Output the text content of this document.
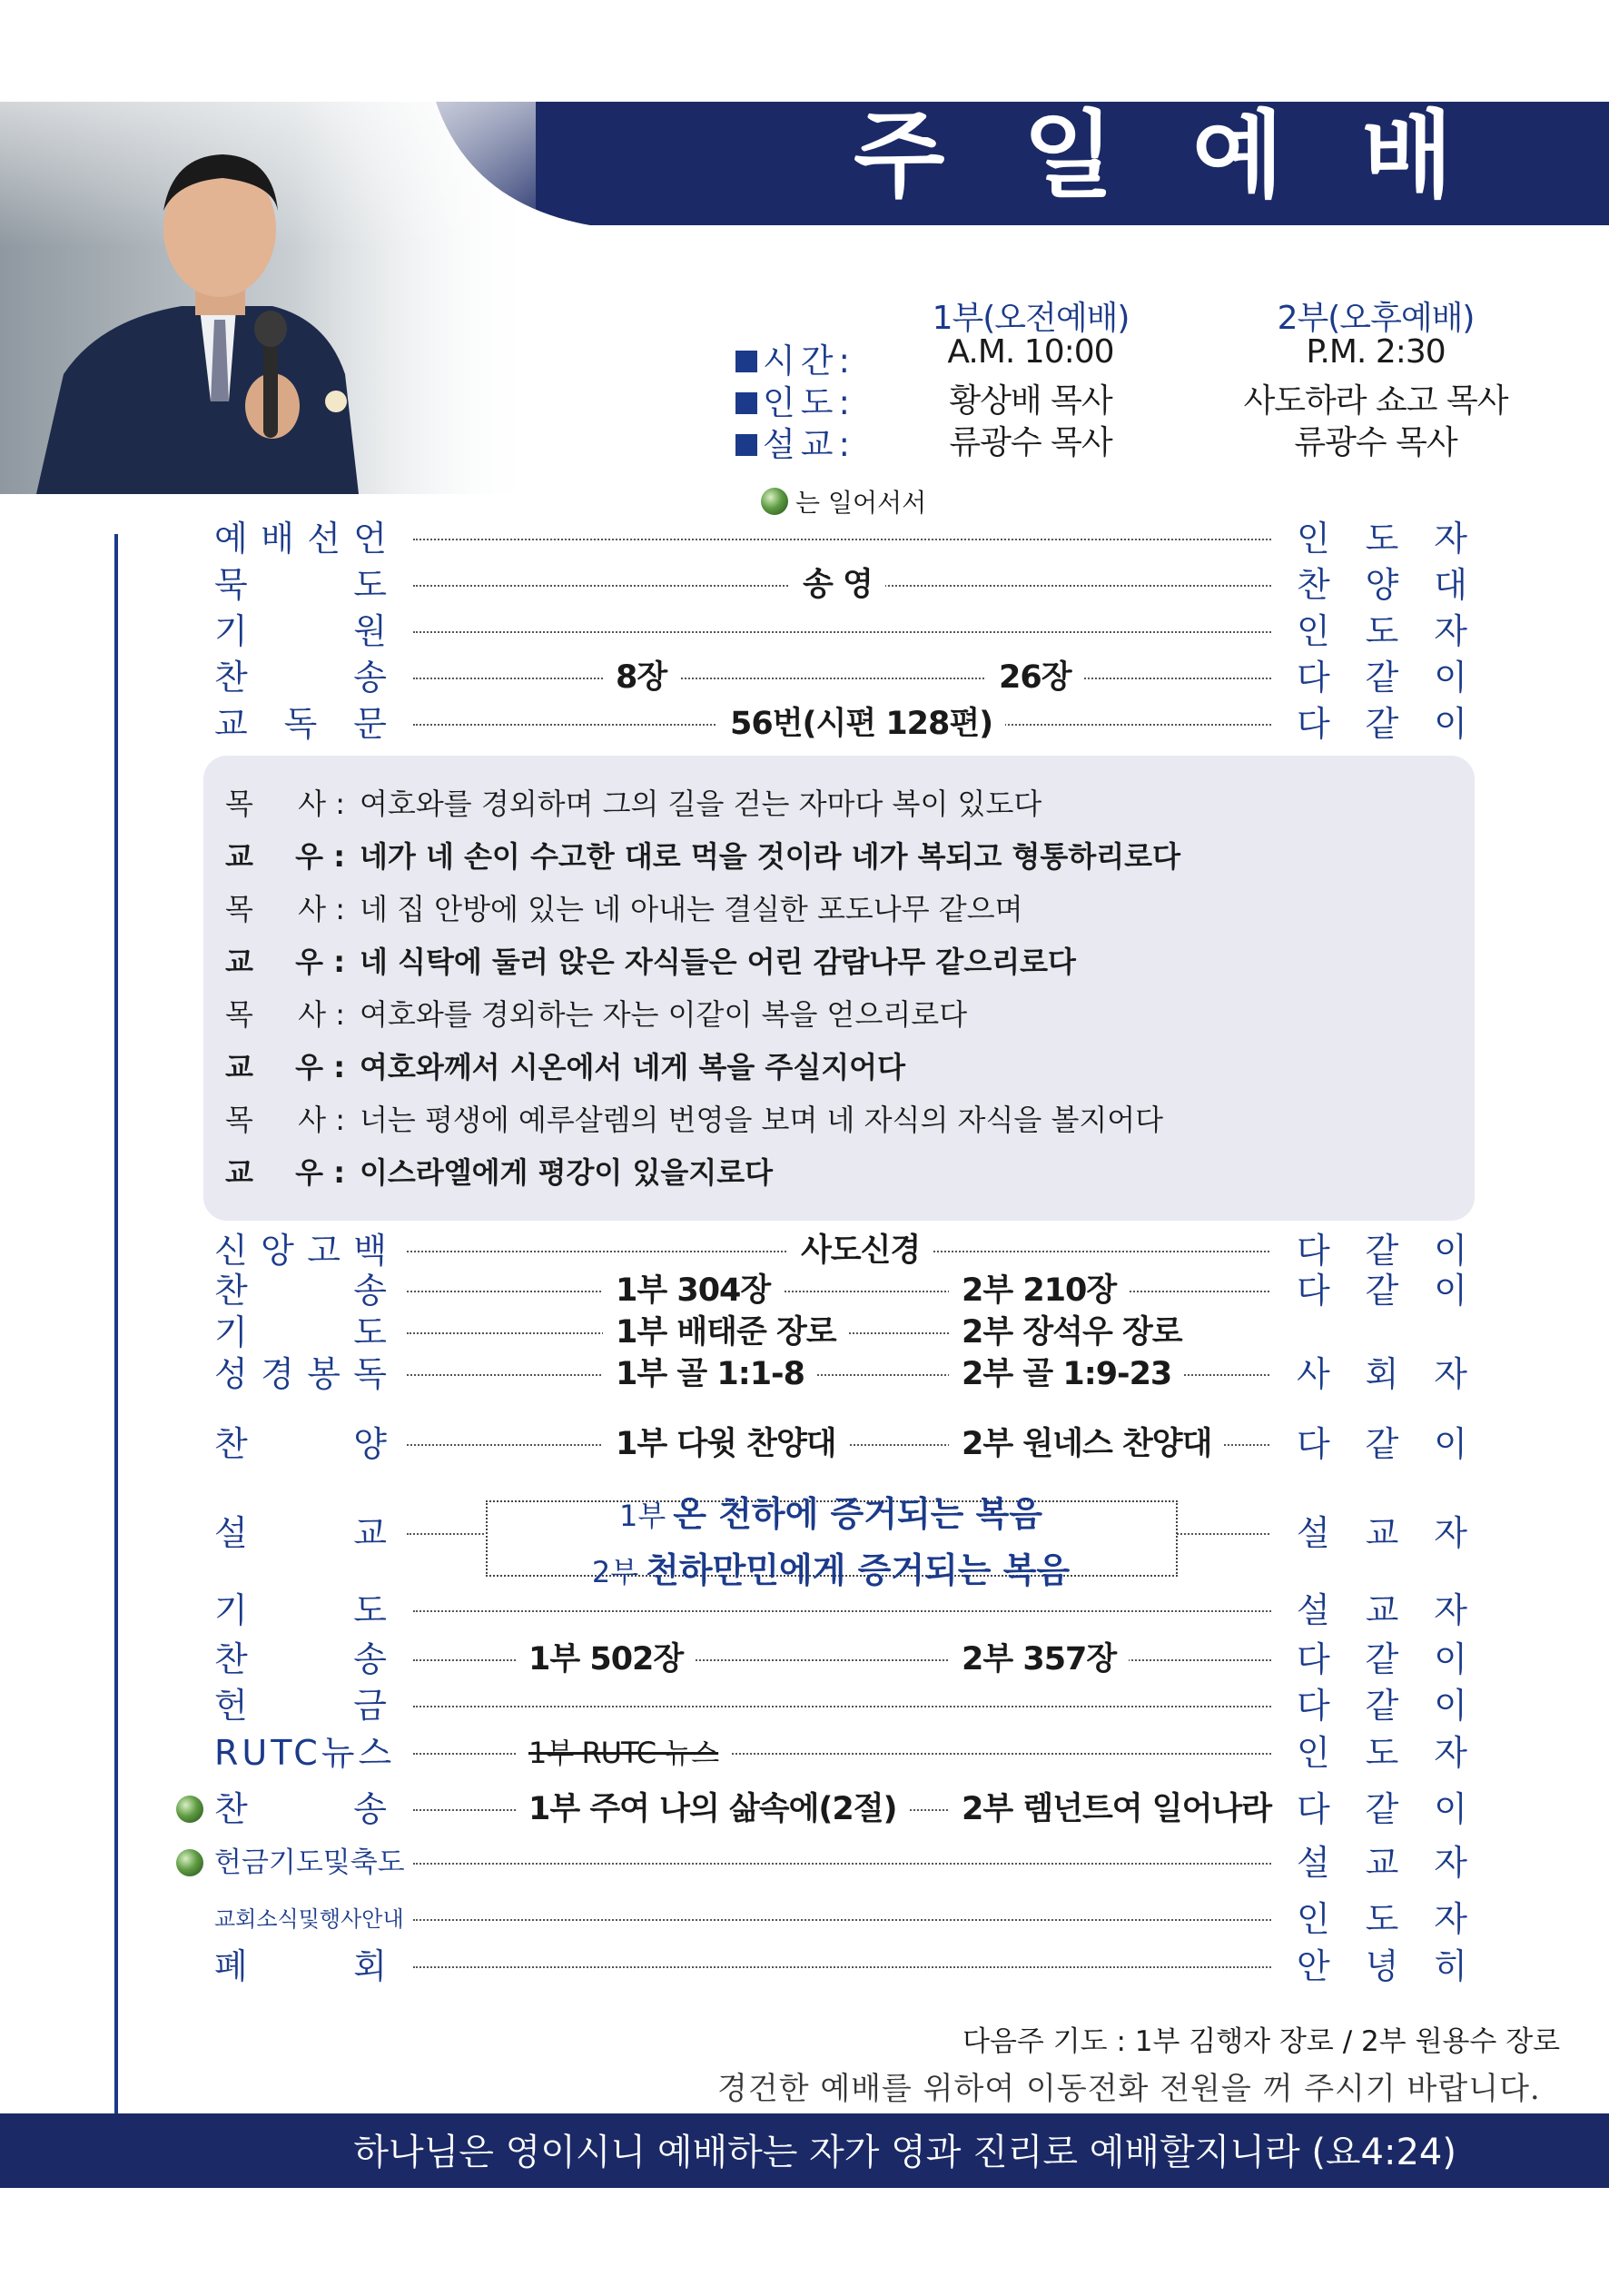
주 일 예 배
1부(오전예배)	2부(오후예배)
시간:	A.M. 10:00	P.M. 2:30
인도:	황상배 목사	사도하라 쇼고 목사
설교:	류광수 목사	류광수 목사
는 일어서서
예 배 선 언	인 도 자
묵	도	송 영	찬 양 대
기	원	인 도 자
찬	송	8장	26장	다 같 이
교 독 문	56번(시편 128편)	다 같 이
목 사 : 여호와를 경외하며 그의 길을 걷는 자마다 복이 있도다
교 우 : 네가 네 손이 수고한 대로 먹을 것이라 네가 복되고 형통하리로다
목 사 : 네 집 안방에 있는 네 아내는 결실한 포도나무 같으며
교 우 : 네 식탁에 둘러 앉은 자식들은 어린 감람나무 같으리로다
목 사 : 여호와를 경외하는 자는 이같이 복을 얻으리로다
교 우 : 여호와께서 시온에서 네게 복을 주실지어다
목 사 : 너는 평생에 예루살렘의 번영을 보며 네 자식의 자식을 볼지어다
교 우 : 이스라엘에게 평강이 있을지로다
신 앙 고 백	사도신경	다 같 이
찬	송	1부 304장	2부 210장	다 같 이
기	도	1부 배태준 장로	2부 장석우 장로
성 경 봉 독	1부 골 1:1-8	2부 골 1:9-23	사 회 자
찬	양	1부 다윗 찬양대	2부 원네스 찬양대	다 같 이
설	교	설 교 자
1부 온 천하에 증거되는 복음
2부 천하만민에게 증거되는 복음
기	도	설 교 자
찬	송	1부 502장	2부 357장	다 같 이
헌	금	다 같 이
RUTC뉴스	1부 RUTC 뉴스	인 도 자
찬	송	1부 주여 나의 삶속에(2절)	2부 렘넌트여 일어나라 다 같 이
헌금기도및축도	설 교 자
교회소식및행사안내	인 도 자
폐	회	안 녕 히
다음주 기도 : 1부 김행자 장로 / 2부 원용수 장로
경건한 예배를 위하여 이동전화 전원을 꺼 주시기 바랍니다.
하나님은 영이시니 예배하는 자가 영과 진리로 예배할지니라 (요4:24)
